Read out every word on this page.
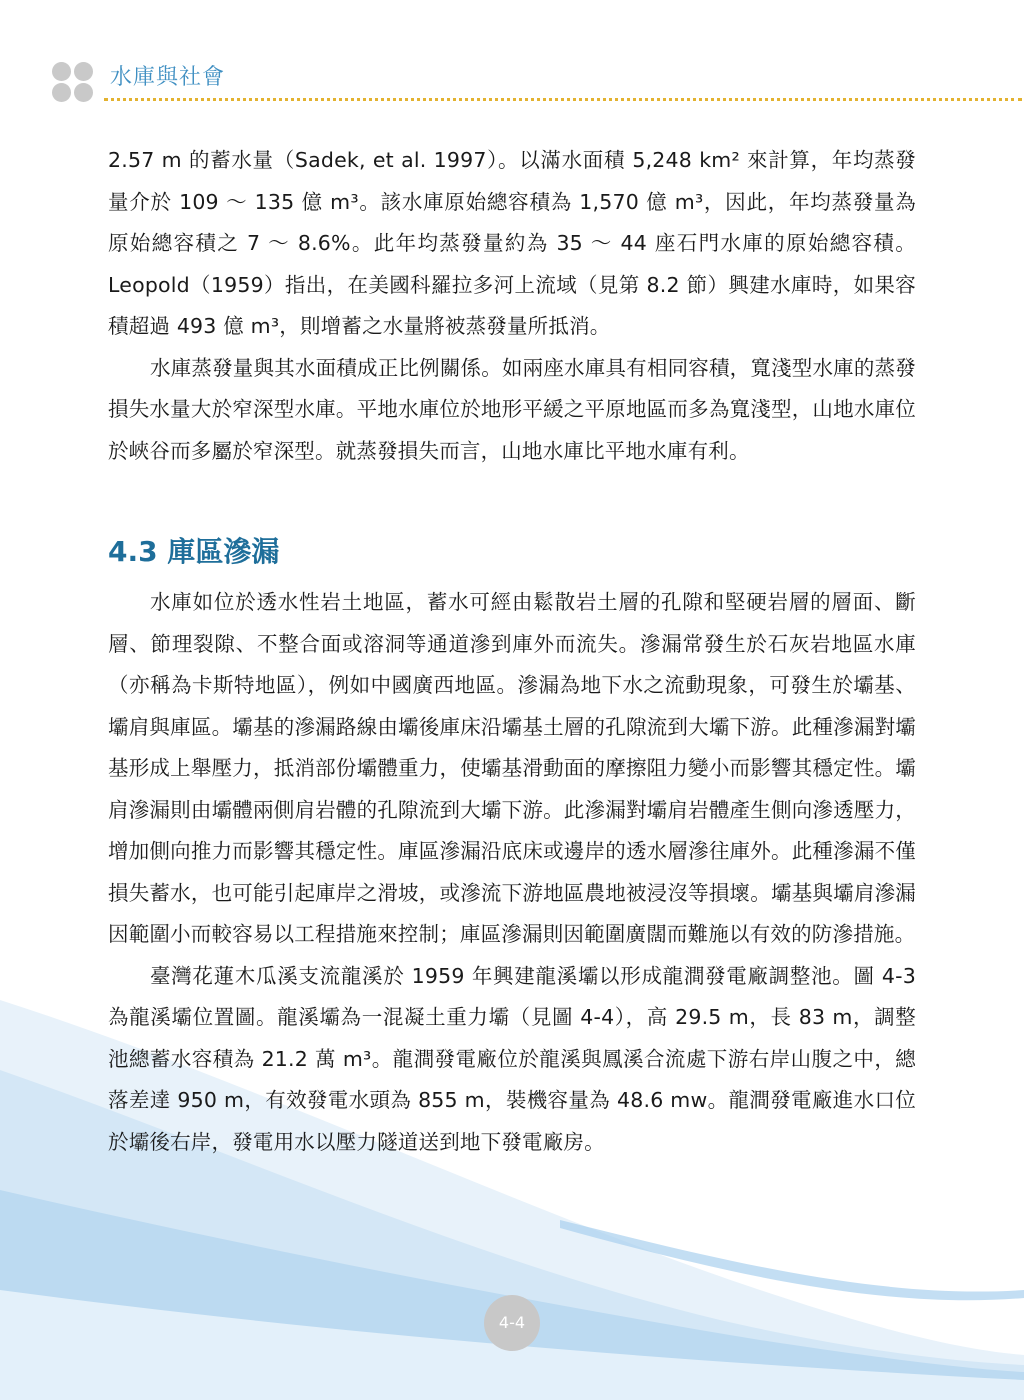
水庫與社會

2.57 m 的蓄水量（Sadek, et al. 1997）。以滿水面積 5,248 km² 來計算，年均蒸發量介於 109 ～ 135 億 m³。該水庫原始總容積為 1,570 億 m³，因此，年均蒸發量為原始總容積之 7 ～ 8.6%。此年均蒸發量約為 35 ～ 44 座石門水庫的原始總容積。Leopold（1959）指出，在美國科羅拉多河上流域（見第 8.2 節）興建水庫時，如果容積超過 493 億 m³，則增蓄之水量將被蒸發量所抵消。

水庫蒸發量與其水面積成正比例關係。如兩座水庫具有相同容積，寬淺型水庫的蒸發損失水量大於窄深型水庫。平地水庫位於地形平緩之平原地區而多為寬淺型，山地水庫位於峽谷而多屬於窄深型。就蒸發損失而言，山地水庫比平地水庫有利。

4.3 庫區滲漏

水庫如位於透水性岩土地區，蓄水可經由鬆散岩土層的孔隙和堅硬岩層的層面、斷層、節理裂隙、不整合面或溶洞等通道滲到庫外而流失。滲漏常發生於石灰岩地區水庫（亦稱為卡斯特地區），例如中國廣西地區。滲漏為地下水之流動現象，可發生於壩基、壩肩與庫區。壩基的滲漏路線由壩後庫床沿壩基土層的孔隙流到大壩下游。此種滲漏對壩基形成上舉壓力，抵消部份壩體重力，使壩基滑動面的摩擦阻力變小而影響其穩定性。壩肩滲漏則由壩體兩側肩岩體的孔隙流到大壩下游。此滲漏對壩肩岩體產生側向滲透壓力，增加側向推力而影響其穩定性。庫區滲漏沿底床或邊岸的透水層滲往庫外。此種滲漏不僅損失蓄水，也可能引起庫岸之滑坡，或滲流下游地區農地被浸沒等損壞。壩基與壩肩滲漏因範圍小而較容易以工程措施來控制；庫區滲漏則因範圍廣闊而難施以有效的防滲措施。

臺灣花蓮木瓜溪支流龍溪於 1959 年興建龍溪壩以形成龍澗發電廠調整池。圖 4-3 為龍溪壩位置圖。龍溪壩為一混凝土重力壩（見圖 4-4），高 29.5 m，長 83 m，調整池總蓄水容積為 21.2 萬 m³。龍澗發電廠位於龍溪與鳳溪合流處下游右岸山腹之中，總落差達 950 m，有效發電水頭為 855 m，裝機容量為 48.6 mw。龍澗發電廠進水口位於壩後右岸，發電用水以壓力隧道送到地下發電廠房。

4-4
